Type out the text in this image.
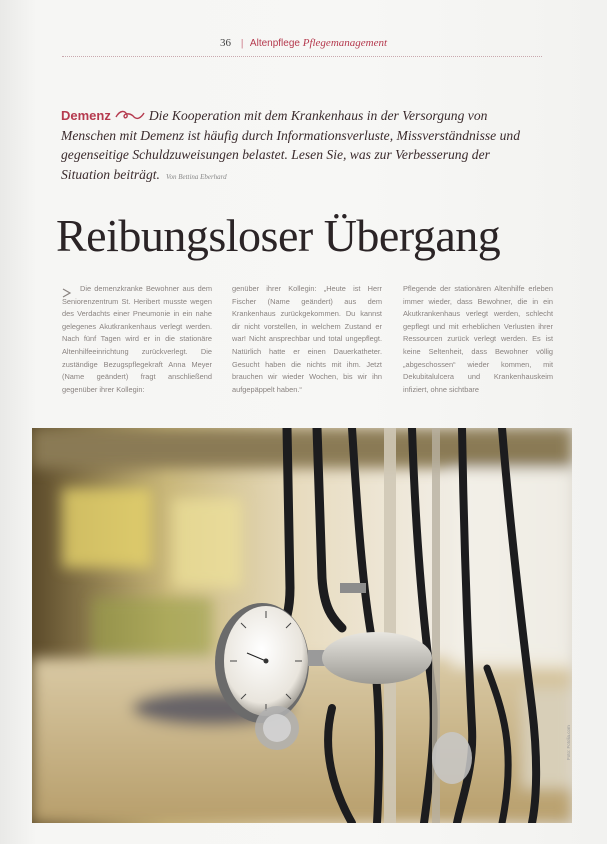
36 | Altenpflege Pflegemanagement
Demenz	Die Kooperation mit dem Krankenhaus in der Versorgung von Menschen mit Demenz ist häufig durch Informationsverluste, Missverständnisse und gegenseitige Schuldzuweisungen belastet. Lesen Sie, was zur Verbesserung der Situation beiträgt. Von Bettina Eberhard
Reibungsloser Übergang

Die demenzkranke Bewohner aus dem Seniorenzentrum St. Heribert musste wegen des Verdachts einer Pneumonie in ein nahe gelegenes Akutkrankenhaus verlegt werden. Nach fünf Tagen wird er in die stationäre Altenhilfeeinrichtung zurückverlegt. Die zuständige Bezugspflegekraft Anna Meyer (Name geändert) fragt anschließend gegenüber ihrer Kollegin:

genüber ihrer Kollegin: „Heute ist Herr Fischer (Name geändert) aus dem Krankenhaus zurückgekommen. Du kannst dir nicht vorstellen, in welchem Zustand er war! Nicht ansprechbar und total ungepflegt. Natürlich hatte er einen Dauerkatheter. Gesucht haben die nichts mit ihm. Jetzt brauchen wir wieder Wochen, bis wir ihn aufgepäppelt haben.“

Pflegende der stationären Altenhilfe erleben immer wieder, dass Bewohner, die in ein Akutkrankenhaus verlegt werden, schlecht gepflegt und mit erheblichen Verlusten ihrer Ressourcen zurück verlegt werden. Es ist keine Seltenheit, dass Bewohner völlig „abgeschossen“ wieder kommen, mit Dekubitalulcera und Krankenhauskeim infiziert, ohne sichtbare

Foto: Fotolia.com
